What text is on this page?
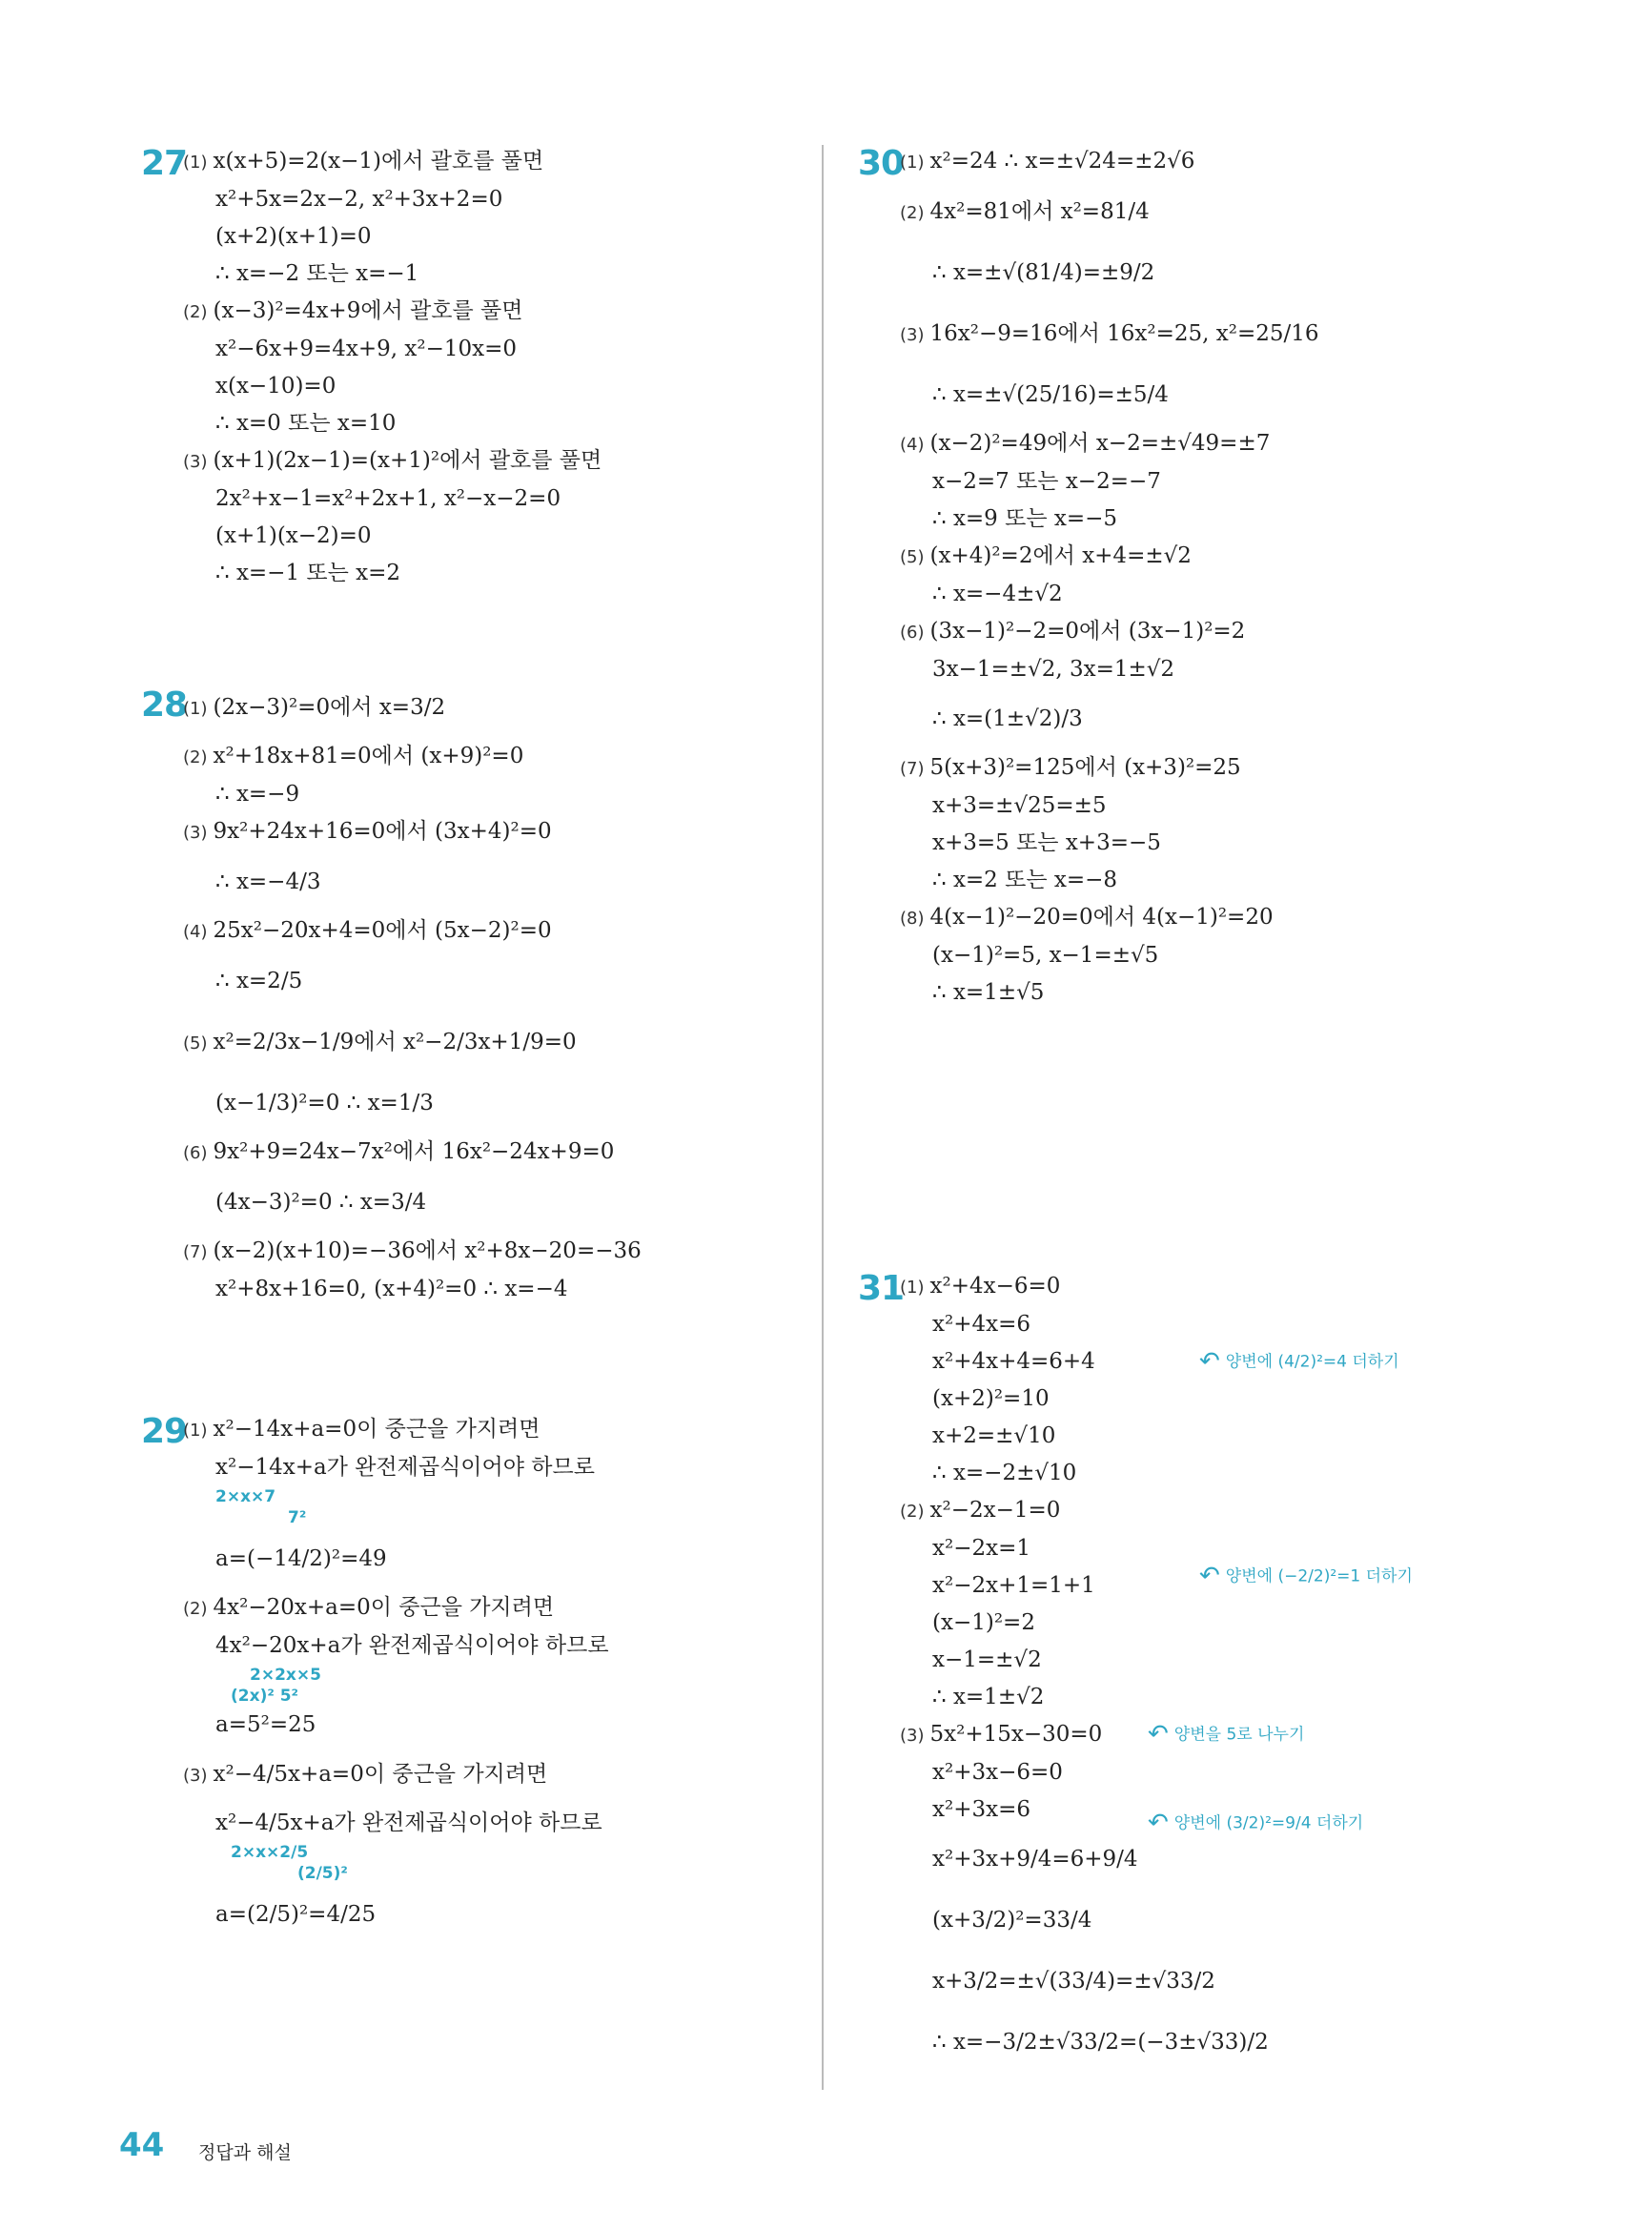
27
(1) x(x+5)=2(x−1)에서 괄호를 풀면
x²+5x=2x−2, x²+3x+2=0
(x+2)(x+1)=0
∴ x=−2 또는 x=−1
(2) (x−3)²=4x+9에서 괄호를 풀면
x²−6x+9=4x+9, x²−10x=0
x(x−10)=0
∴ x=0 또는 x=10
(3) (x+1)(2x−1)=(x+1)²에서 괄호를 풀면
2x²+x−1=x²+2x+1, x²−x−2=0
(x+1)(x−2)=0
∴ x=−1 또는 x=2
28
(1) (2x−3)²=0에서 x=3/2
(2) x²+18x+81=0에서 (x+9)²=0
∴ x=−9
(3) 9x²+24x+16=0에서 (3x+4)²=0
∴ x=−4/3
(4) 25x²−20x+4=0에서 (5x−2)²=0
∴ x=2/5
(5) x²=2/3x−1/9에서 x²−2/3x+1/9=0
(x−1/3)²=0 ∴ x=1/3
(6) 9x²+9=24x−7x²에서 16x²−24x+9=0
(4x−3)²=0 ∴ x=3/4
(7) (x−2)(x+10)=−36에서 x²+8x−20=−36
x²+8x+16=0, (x+4)²=0 ∴ x=−4
29
(1) x²−14x+a=0이 중근을 가지려면
x²−14x+a가 완전제곱식이어야 하므로
2×x×7
7²
a=(−14/2)²=49
(2) 4x²−20x+a=0이 중근을 가지려면
4x²−20x+a가 완전제곱식이어야 하므로
2×2x×5
(2x)² 5²
a=5²=25
(3) x²−4/5x+a=0이 중근을 가지려면
x²−4/5x+a가 완전제곱식이어야 하므로
2×x×2/5
(2/5)²
a=(2/5)²=4/25
30
(1) x²=24 ∴ x=±√24=±2√6
(2) 4x²=81에서 x²=81/4
∴ x=±√(81/4)=±9/2
(3) 16x²−9=16에서 16x²=25, x²=25/16
∴ x=±√(25/16)=±5/4
(4) (x−2)²=49에서 x−2=±√49=±7
x−2=7 또는 x−2=−7
∴ x=9 또는 x=−5
(5) (x+4)²=2에서 x+4=±√2
∴ x=−4±√2
(6) (3x−1)²−2=0에서 (3x−1)²=2
3x−1=±√2, 3x=1±√2
∴ x=(1±√2)/3
(7) 5(x+3)²=125에서 (x+3)²=25
x+3=±√25=±5
x+3=5 또는 x+3=−5
∴ x=2 또는 x=−8
(8) 4(x−1)²−20=0에서 4(x−1)²=20
(x−1)²=5, x−1=±√5
∴ x=1±√5
31
(1) x²+4x−6=0
x²+4x=6
x²+4x+4=6+4	↶ 양변에 (4/2)²=4 더하기
(x+2)²=10
x+2=±√10
∴ x=−2±√10
(2) x²−2x−1=0
x²−2x=1
x²−2x+1=1+1	↶ 양변에 (−2/2)²=1 더하기
(x−1)²=2
x−1=±√2
∴ x=1±√2
(3) 5x²+15x−30=0 ↶ 양변을 5로 나누기
x²+3x−6=0
x²+3x=6	↶ 양변에 (3/2)²=9/4 더하기
x²+3x+9/4=6+9/4
(x+3/2)²=33/4
x+3/2=±√(33/4)=±√33/2
∴ x=−3/2±√33/2=(−3±√33)/2
44 정답과 해설
